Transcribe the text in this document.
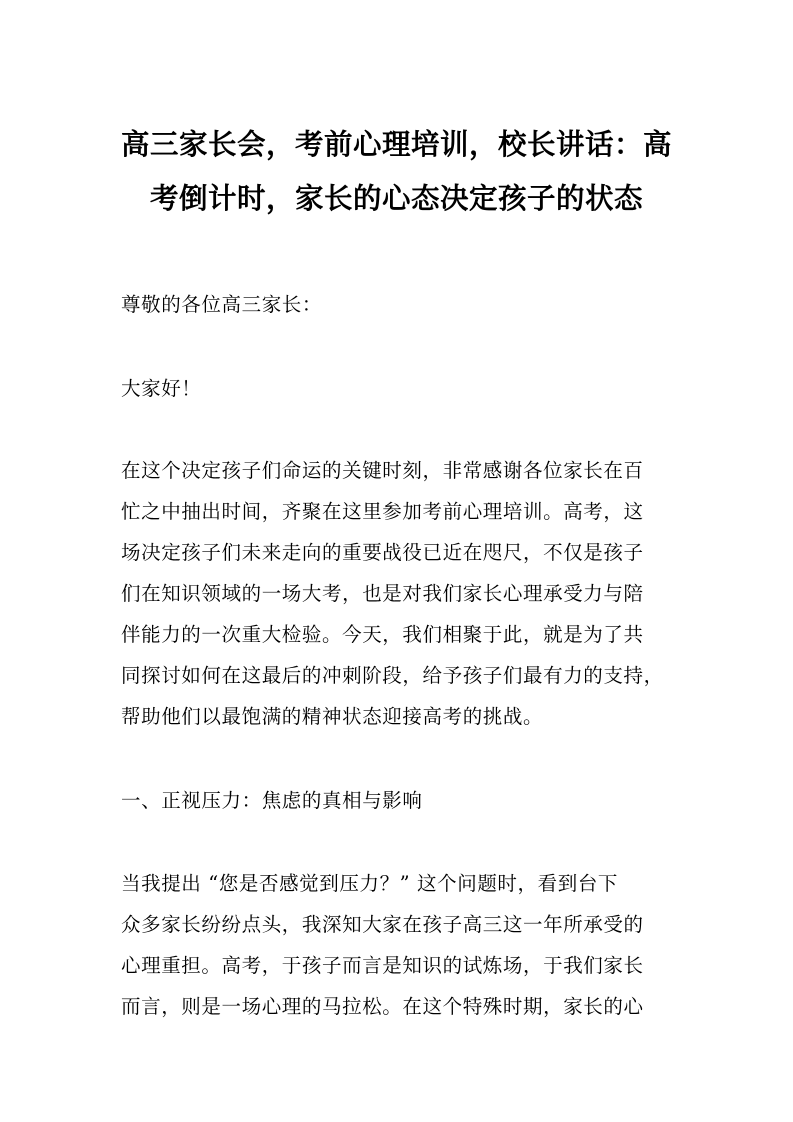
高三家长会，考前心理培训，校长讲话：高
考倒计时，家长的心态决定孩子的状态
尊敬的各位高三家长：
大家好！
在这个决定孩子们命运的关键时刻，非常感谢各位家长在百
忙之中抽出时间，齐聚在这里参加考前心理培训。高考，这
场决定孩子们未来走向的重要战役已近在咫尺，不仅是孩子
们在知识领域的一场大考，也是对我们家长心理承受力与陪
伴能力的一次重大检验。今天，我们相聚于此，就是为了共
同探讨如何在这最后的冲刺阶段，给予孩子们最有力的支持，
帮助他们以最饱满的精神状态迎接高考的挑战。
一、正视压力：焦虑的真相与影响
当我提出 “您是否感觉到压力？” 这个问题时，看到台下
众多家长纷纷点头，我深知大家在孩子高三这一年所承受的
心理重担。高考，于孩子而言是知识的试炼场，于我们家长
而言，则是一场心理的马拉松。在这个特殊时期，家长的心
